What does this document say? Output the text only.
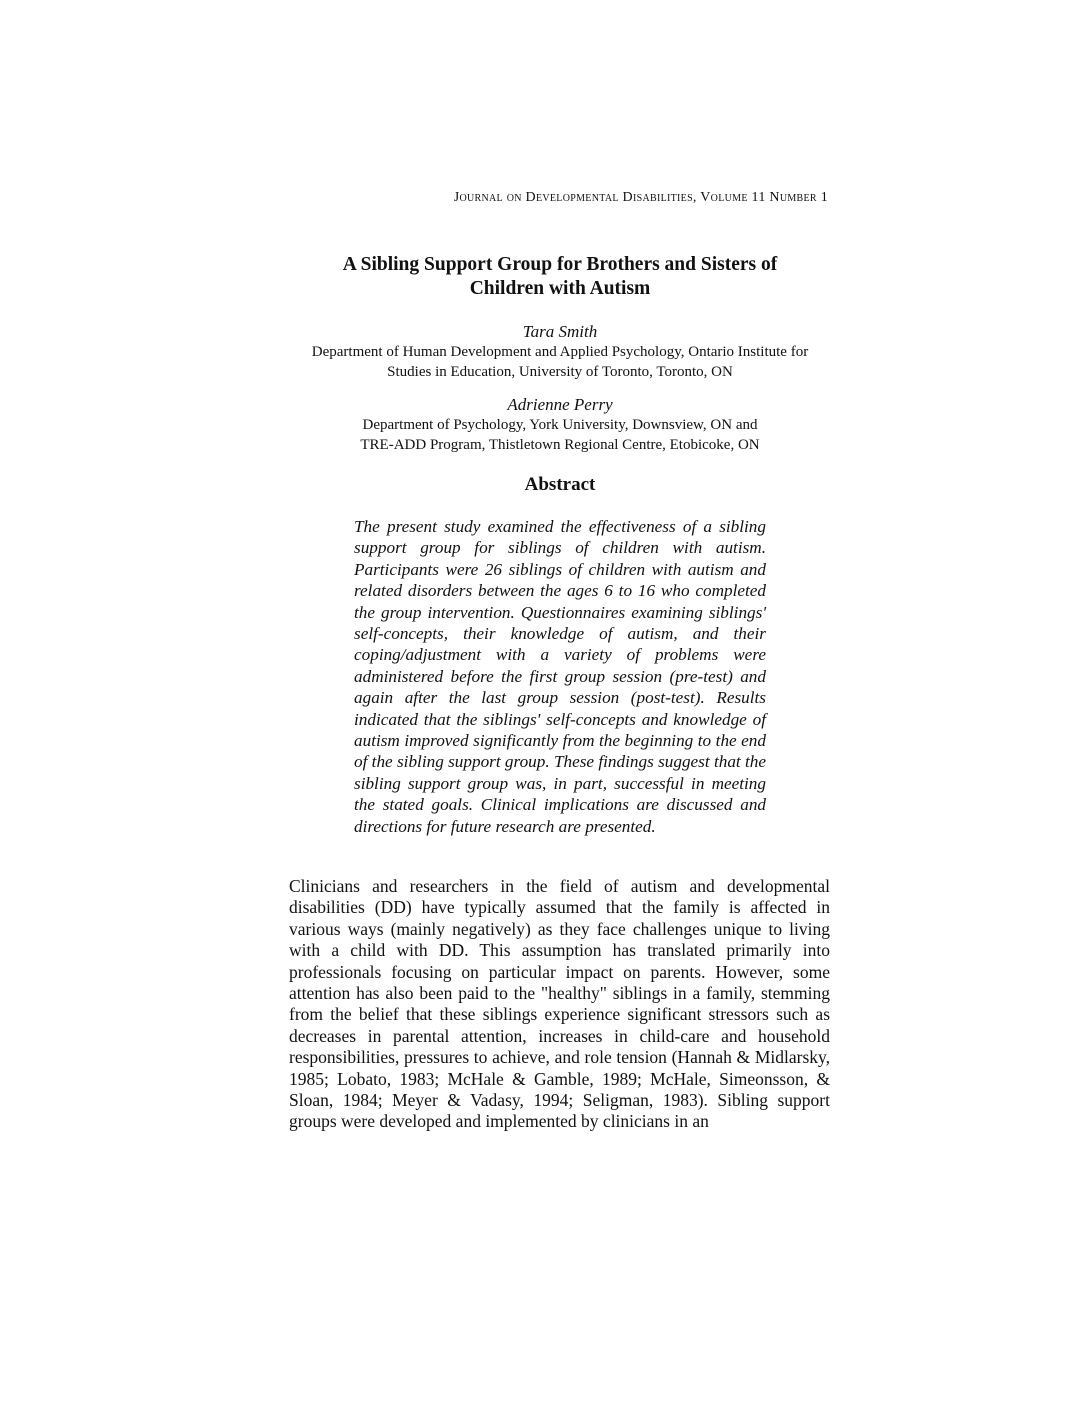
Journal on Developmental Disabilities, Volume 11 Number 1
A Sibling Support Group for Brothers and Sisters of
Children with Autism
Tara Smith
Department of Human Development and Applied Psychology, Ontario Institute for
Studies in Education, University of Toronto, Toronto, ON
Adrienne Perry
Department of Psychology, York University, Downsview, ON and
TRE-ADD Program, Thistletown Regional Centre, Etobicoke, ON
Abstract

The present study examined the effectiveness of a sibling support group for siblings of children with autism. Participants were 26 siblings of children with autism and related disorders between the ages 6 to 16 who completed the group intervention. Questionnaires examining siblings' self-concepts, their knowledge of autism, and their coping/adjustment with a variety of problems were administered before the first group session (pre-test) and again after the last group session (post-test). Results indicated that the siblings' self-concepts and knowledge of autism improved significantly from the beginning to the end of the sibling support group. These findings suggest that the sibling support group was, in part, successful in meeting the stated goals. Clinical implications are discussed and directions for future research are presented.

Clinicians and researchers in the field of autism and developmental disabilities (DD) have typically assumed that the family is affected in various ways (mainly negatively) as they face challenges unique to living with a child with DD. This assumption has translated primarily into professionals focusing on particular impact on parents. However, some attention has also been paid to the "healthy" siblings in a family, stemming from the belief that these siblings experience significant stressors such as decreases in parental attention, increases in child-care and household responsibilities, pressures to achieve, and role tension (Hannah & Midlarsky, 1985; Lobato, 1983; McHale & Gamble, 1989; McHale, Simeonsson, & Sloan, 1984; Meyer & Vadasy, 1994; Seligman, 1983). Sibling support groups were developed and implemented by clinicians in an
